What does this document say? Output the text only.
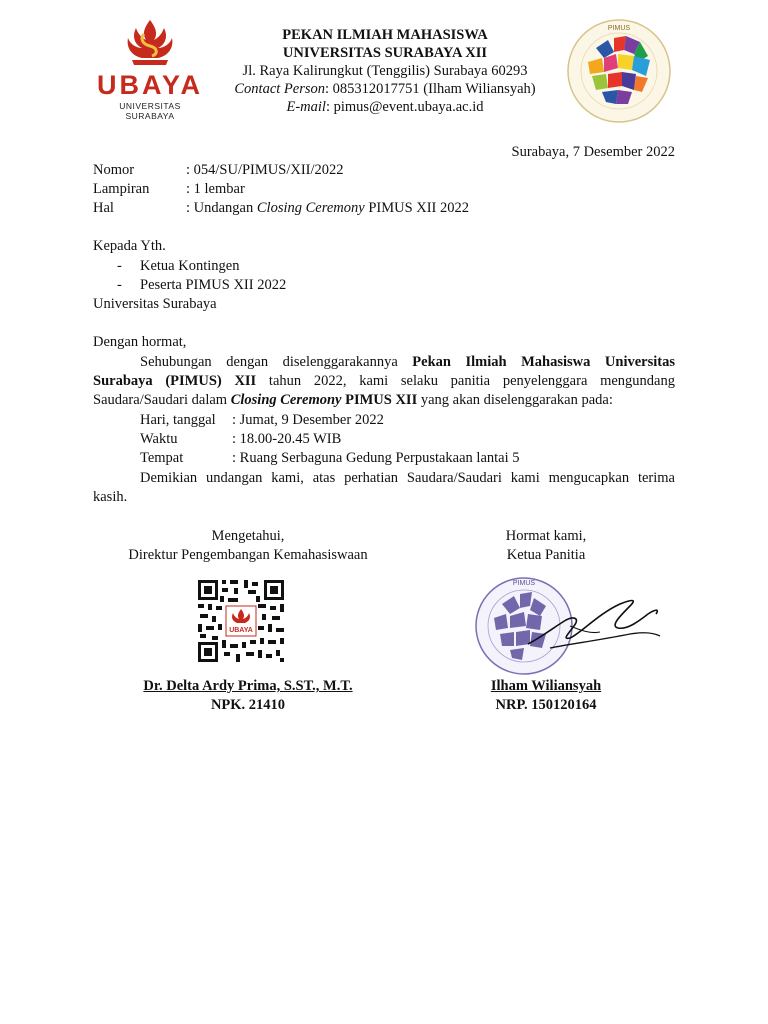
UBAYA
UNIVERSITAS SURABAYA
PEKAN ILMIAH MAHASISWA
UNIVERSITAS SURABAYA XII
Jl. Raya Kalirungkut (Tenggilis) Surabaya 60293
Contact Person: 085312017751 (Ilham Wiliansyah)
E-mail: pimus@event.ubaya.ac.id
PIMUS
Surabaya, 7 Desember 2022
Nomor	: 054/SU/PIMUS/XII/2022
Lampiran	: 1 lembar
Hal	: Undangan Closing Ceremony PIMUS XII 2022
Kepada Yth.
- Ketua Kontingen
- Peserta PIMUS XII 2022
Universitas Surabaya
Dengan hormat,
Sehubungan dengan diselenggarakannya Pekan Ilmiah Mahasiswa Universitas
Surabaya (PIMUS) XII tahun 2022, kami selaku panitia penyelenggara mengundang
Saudara/Saudari dalam Closing Ceremony PIMUS XII yang akan diselenggarakan pada:
Hari, tanggal : Jumat, 9 Desember 2022
Waktu	: 18.00-20.45 WIB
Tempat	: Ruang Serbaguna Gedung Perpustakaan lantai 5
Demikian undangan kami, atas perhatian Saudara/Saudari kami mengucapkan terima
kasih.
Mengetahui,
Direktur Pengembangan Kemahasiswaan
UBAYA
Dr. Delta Ardy Prima, S.ST., M.T.
NPK. 21410
Hormat kami,
Ketua Panitia
PIMUS
Ilham Wiliansyah
NRP. 150120164
